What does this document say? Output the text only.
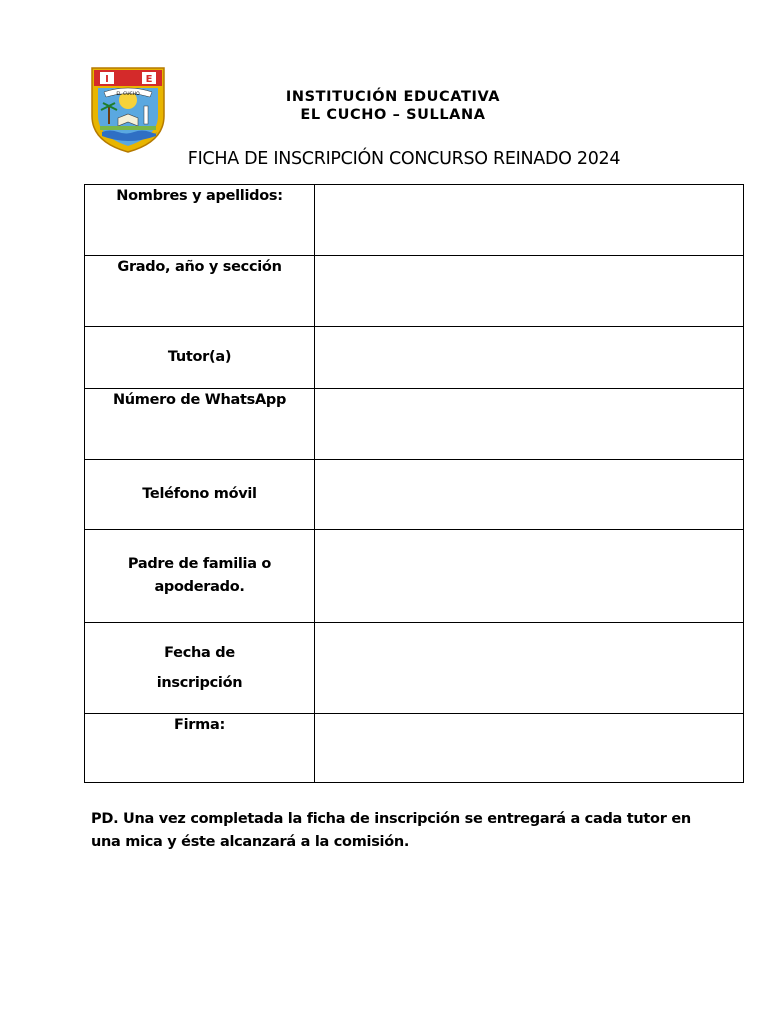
I	E
EL CUCHO	INSTITUCIÓN EDUCATIVA
EL CUCHO – SULLANA
FICHA DE INSCRIPCIÓN CONCURSO REINADO 2024
Nombres y apellidos:	
Grado, año y sección	
Tutor(a)	
Número de WhatsApp	
Teléfono móvil	

Padre de familia o
apoderado.	

Fecha de
inscripción	

Firma:	
PD. Una vez completada la ficha de inscripción se entregará a cada tutor en una mica y éste alcanzará a la comisión.
